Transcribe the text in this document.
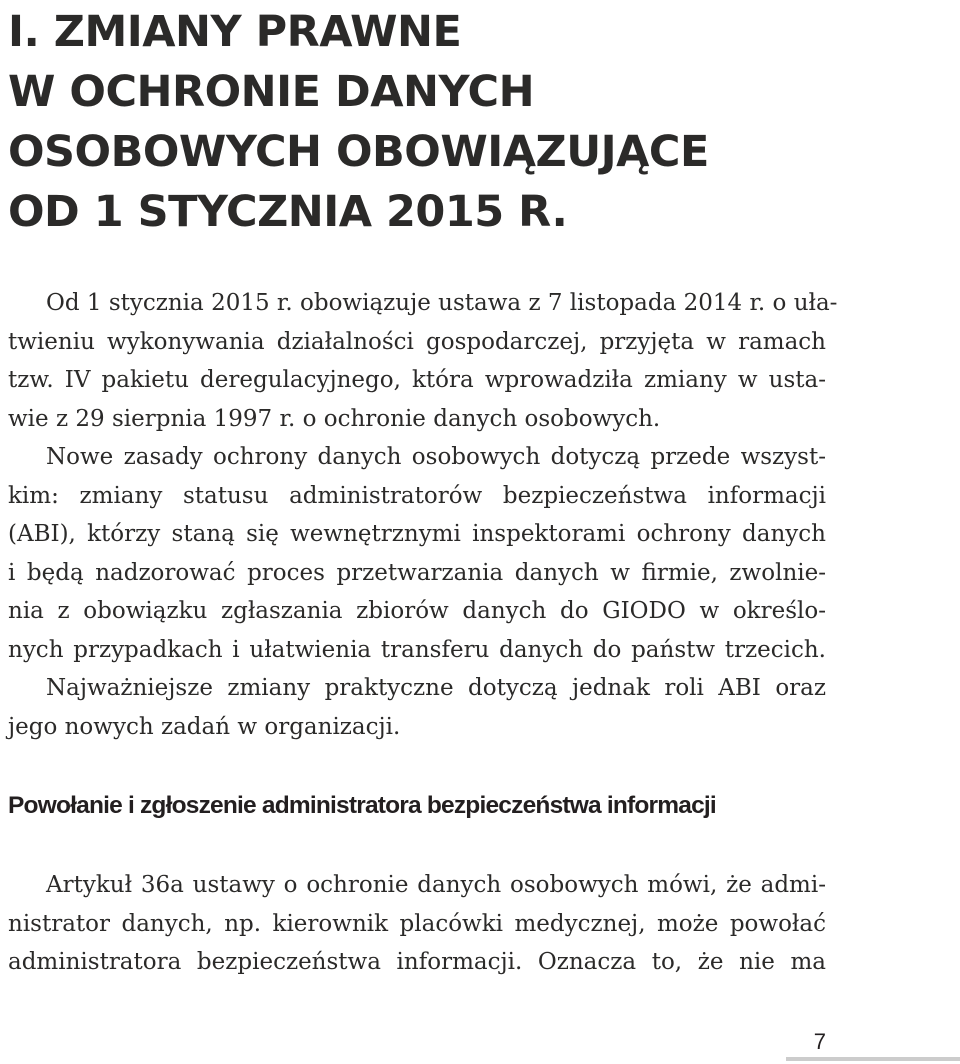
I. ZMIANY PRAWNE
W OCHRONIE DANYCH
OSOBOWYCH OBOWIĄZUJĄCE
OD 1 STYCZNIA 2015 R.
Od 1 stycznia 2015 r. obowiązuje ustawa z 7 listopada 2014 r. o uła-
twieniu wykonywania działalności gospodarczej, przyjęta w ramach
tzw. IV pakietu deregulacyjnego, która wprowadziła zmiany w usta-
wie z 29 sierpnia 1997 r. o ochronie danych osobowych.
Nowe zasady ochrony danych osobowych dotyczą przede wszyst-
kim: zmiany statusu administratorów bezpieczeństwa informacji
(ABI), którzy staną się wewnętrznymi inspektorami ochrony danych
i będą nadzorować proces przetwarzania danych w firmie, zwolnie-
nia z obowiązku zgłaszania zbiorów danych do GIODO w określo-
nych przypadkach i ułatwienia transferu danych do państw trzecich.
Najważniejsze zmiany praktyczne dotyczą jednak roli ABI oraz
jego nowych zadań w organizacji.
Powołanie i zgłoszenie administratora bezpieczeństwa informacji
Artykuł 36a ustawy o ochronie danych osobowych mówi, że admi-
nistrator danych, np. kierownik placówki medycznej, może powołać
administratora bezpieczeństwa informacji. Oznacza to, że nie ma
7
